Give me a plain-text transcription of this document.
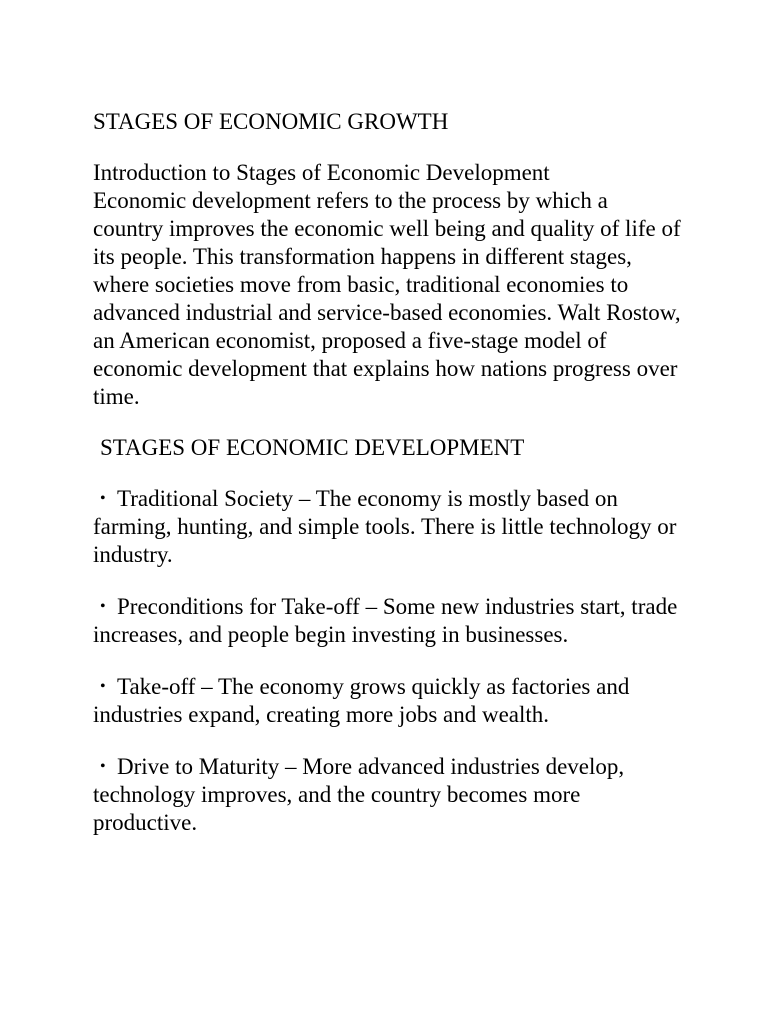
STAGES OF ECONOMIC GROWTH

Introduction to Stages of Economic Development
Economic development refers to the process by which a country improves the economic well being and quality of life of its people. This transformation happens in different stages, where societies move from basic, traditional economies to advanced industrial and service-based economies. Walt Rostow, an American economist, proposed a five-stage model of economic development that explains how nations progress over time.

STAGES OF ECONOMIC DEVELOPMENT
• Traditional Society – The economy is mostly based on farming, hunting, and simple tools. There is little technology or industry.
• Preconditions for Take-off – Some new industries start, trade increases, and people begin investing in businesses.
• Take-off – The economy grows quickly as factories and industries expand, creating more jobs and wealth.
• Drive to Maturity – More advanced industries develop, technology improves, and the country becomes more productive.
